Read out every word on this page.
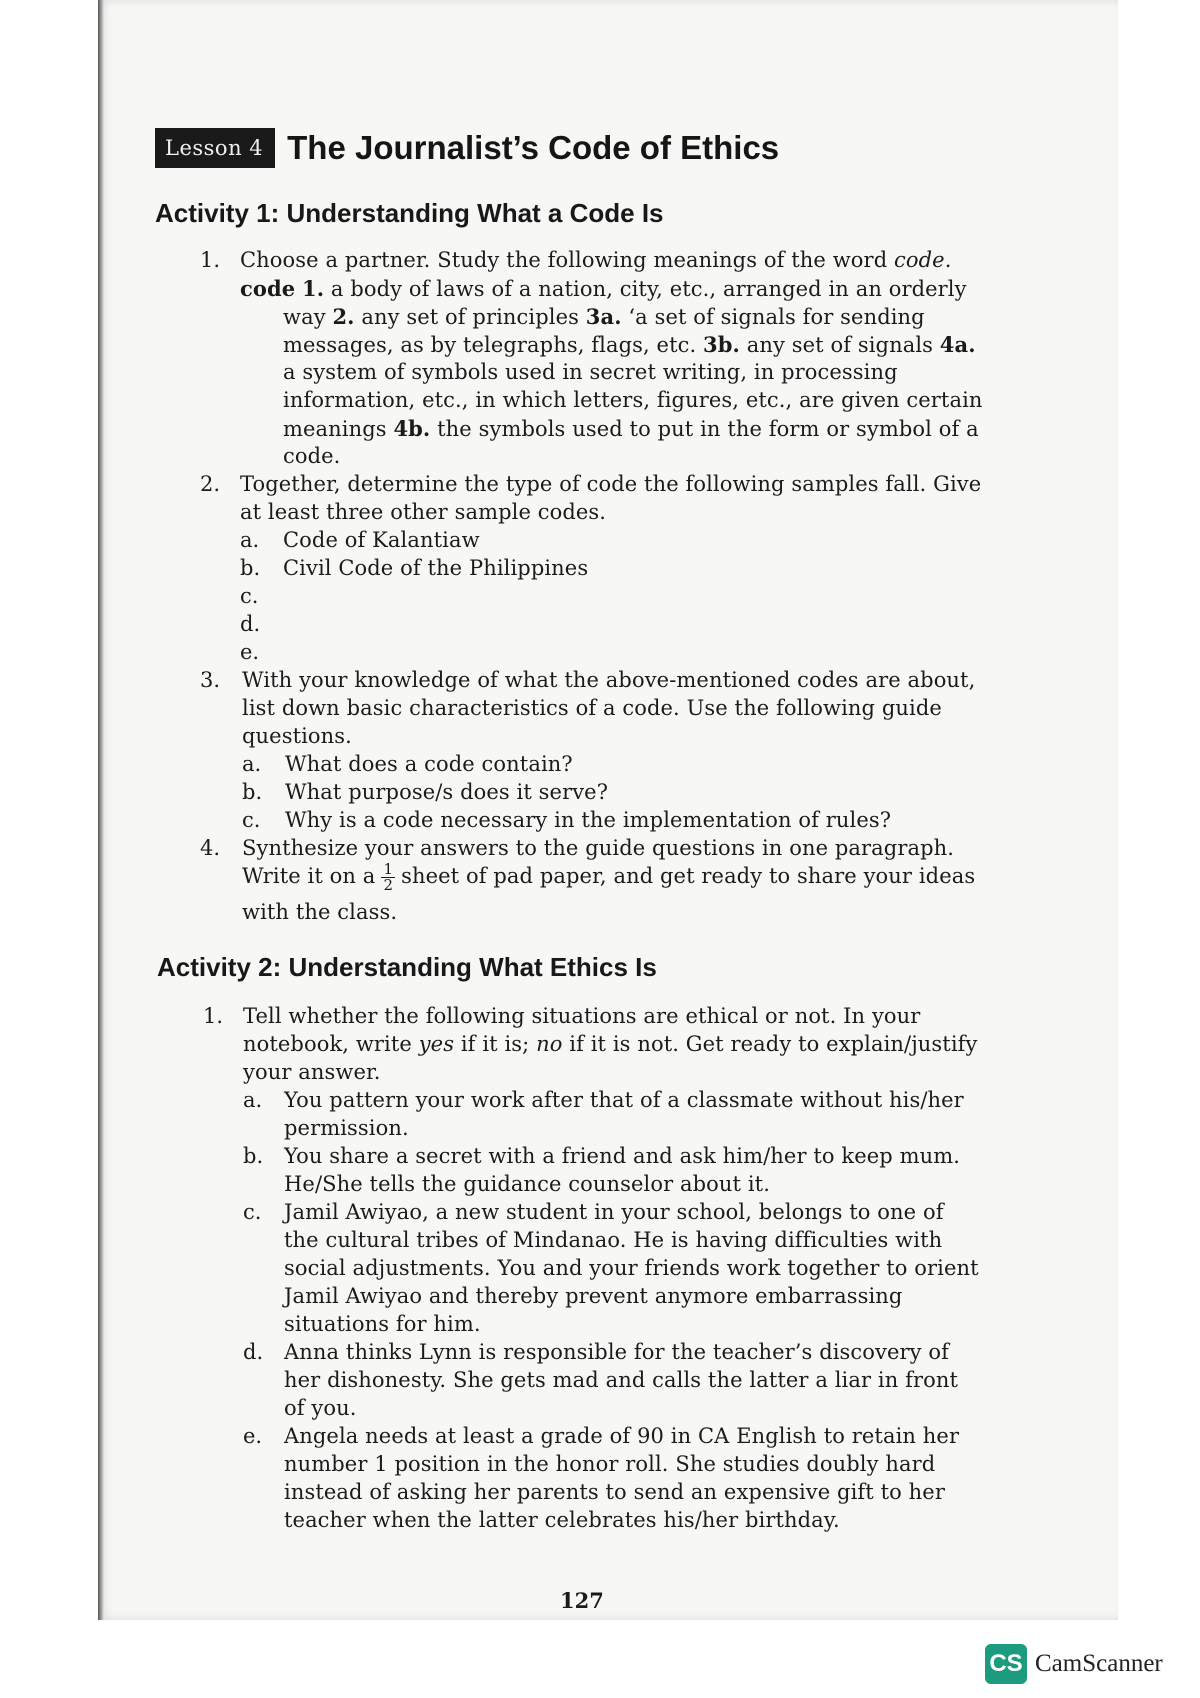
Lesson 4 The Journalist’s Code of Ethics
Activity 1: Understanding What a Code Is
1. Choose a partner. Study the following meanings of the word code.
code 1. a body of laws of a nation, city, etc., arranged in an orderly
way 2. any set of principles 3a. ‘a set of signals for sending
messages, as by telegraphs, flags, etc. 3b. any set of signals 4a.
a system of symbols used in secret writing, in processing
information, etc., in which letters, figures, etc., are given certain
meanings 4b. the symbols used to put in the form or symbol of a
code.
2. Together, determine the type of code the following samples fall. Give
at least three other sample codes.
a. Code of Kalantiaw
b. Civil Code of the Philippines
c.
d.
e.
3. With your knowledge of what the above-mentioned codes are about,
list down basic characteristics of a code. Use the following guide
questions.
a. What does a code contain?
b. What purpose/s does it serve?
c. Why is a code necessary in the implementation of rules?
4. Synthesize your answers to the guide questions in one paragraph.
Write it on a $\frac{1}{2}$ sheet of pad paper, and get ready to share your ideas
with the class.
Activity 2: Understanding What Ethics Is
1. Tell whether the following situations are ethical or not. In your
notebook, write yes if it is; no if it is not. Get ready to explain/justify
your answer.
a. You pattern your work after that of a classmate without his/her
permission.
b. You share a secret with a friend and ask him/her to keep mum.
He/She tells the guidance counselor about it.
c. Jamil Awiyao, a new student in your school, belongs to one of
the cultural tribes of Mindanao. He is having difficulties with
social adjustments. You and your friends work together to orient
Jamil Awiyao and thereby prevent anymore embarrassing
situations for him.
d. Anna thinks Lynn is responsible for the teacher’s discovery of
her dishonesty. She gets mad and calls the latter a liar in front
of you.
e. Angela needs at least a grade of 90 in CA English to retain her
number 1 position in the honor roll. She studies doubly hard
instead of asking her parents to send an expensive gift to her
teacher when the latter celebrates his/her birthday.
127
CS CamScanner
